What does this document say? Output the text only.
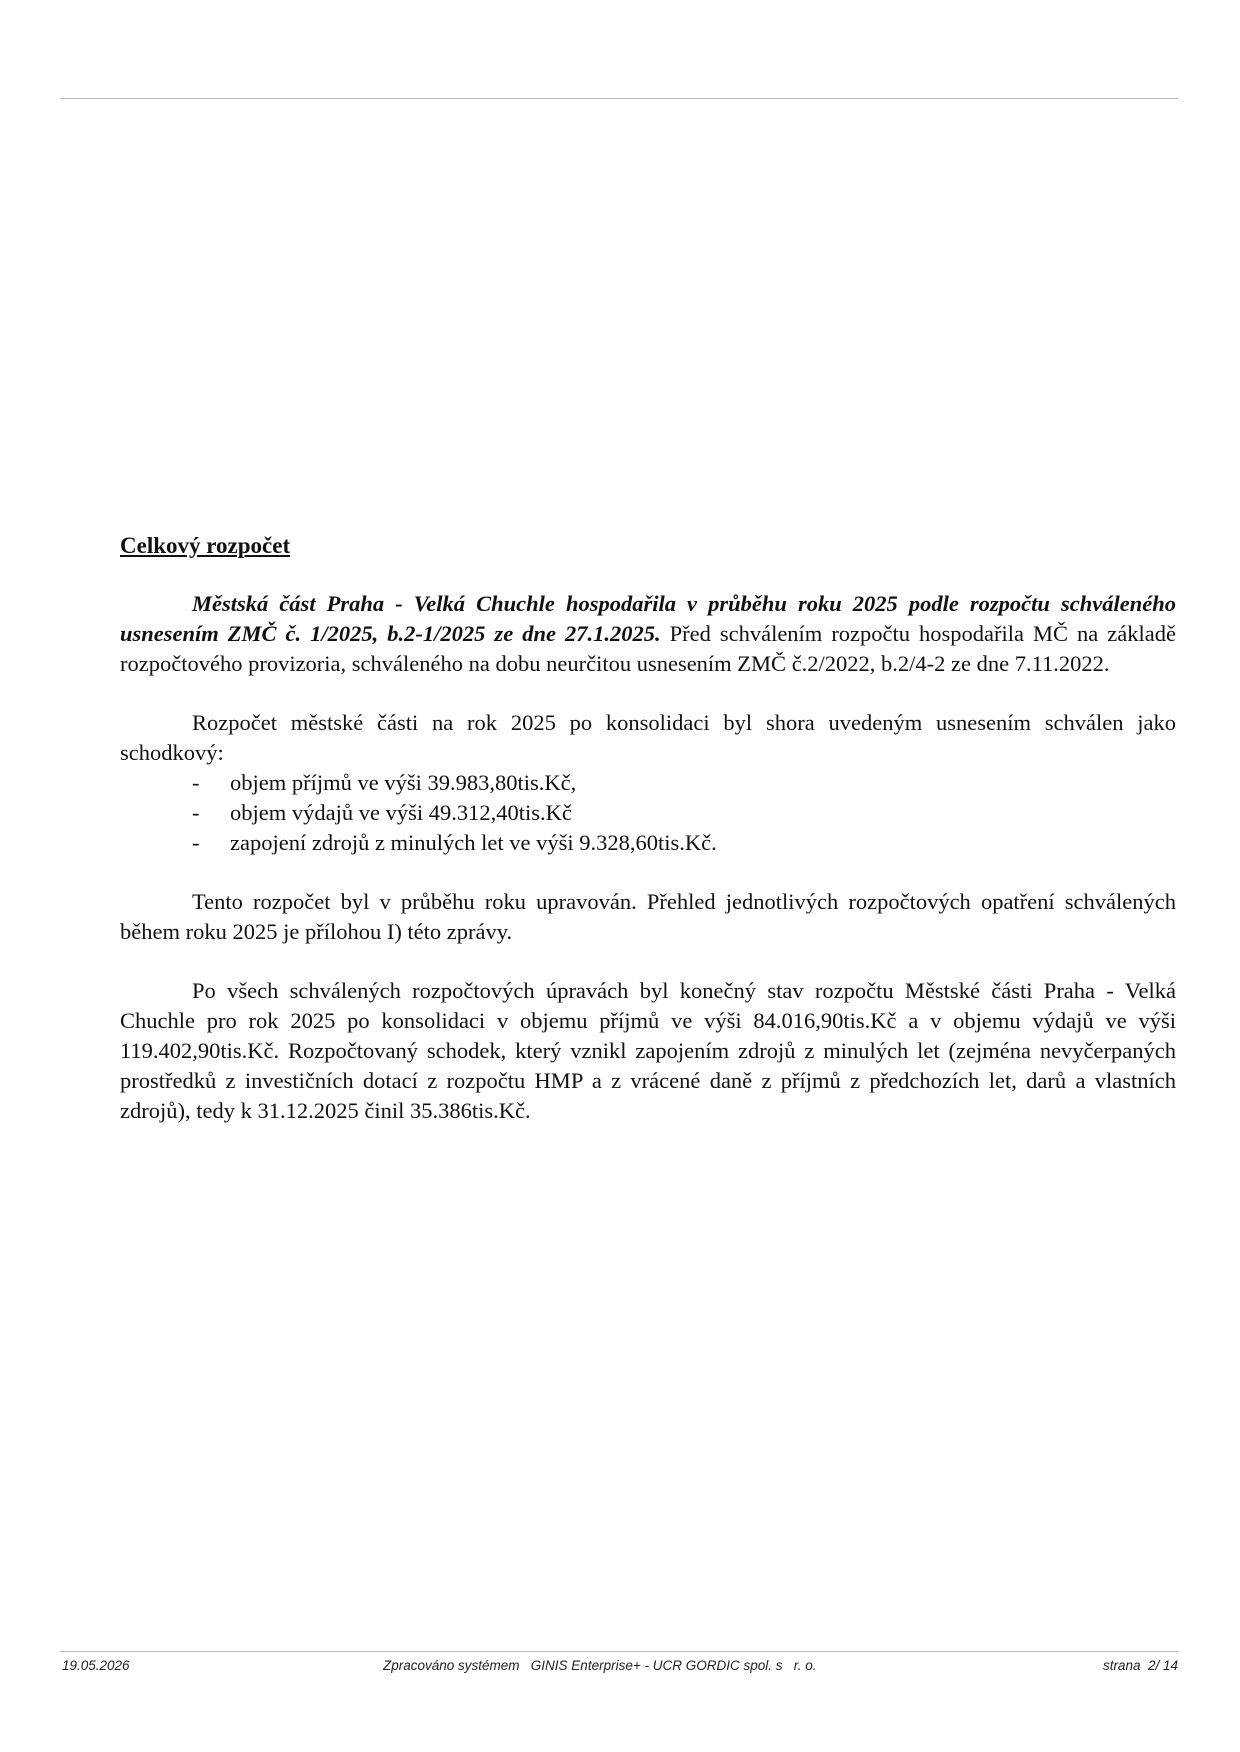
Celkový rozpočet

Městská část Praha - Velká Chuchle hospodařila v průběhu roku 2025 podle rozpočtu schváleného usnesením ZMČ č. 1/2025, b.2-1/2025 ze dne 27.1.2025. Před schválením rozpočtu hospodařila MČ na základě rozpočtového provizoria, schváleného na dobu neurčitou usnesením ZMČ č.2/2022, b.2/4-2 ze dne 7.11.2022.

Rozpočet městské části na rok 2025 po konsolidaci byl shora uvedeným usnesením schválen jako schodkový:

- objem příjmů ve výši 39.983,80tis.Kč,
- objem výdajů ve výši 49.312,40tis.Kč
- zapojení zdrojů z minulých let ve výši 9.328,60tis.Kč.

Tento rozpočet byl v průběhu roku upravován. Přehled jednotlivých rozpočtových opatření schválených během roku 2025 je přílohou I) této zprávy.

Po všech schválených rozpočtových úpravách byl konečný stav rozpočtu Městské části Praha - Velká Chuchle pro rok 2025 po konsolidaci v objemu příjmů ve výši 84.016,90tis.Kč a v objemu výdajů ve výši 119.402,90tis.Kč. Rozpočtovaný schodek, který vznikl zapojením zdrojů z minulých let (zejména nevyčerpaných prostředků z investičních dotací z rozpočtu HMP a z vrácené daně z příjmů z předchozích let, darů a vlastních zdrojů), tedy k 31.12.2025 činil 35.386tis.Kč.

19.05.2026	Zpracováno systémem   GINIS Enterprise+ - UCR GORDIC spol. s   r. o.	strana  2/ 14
